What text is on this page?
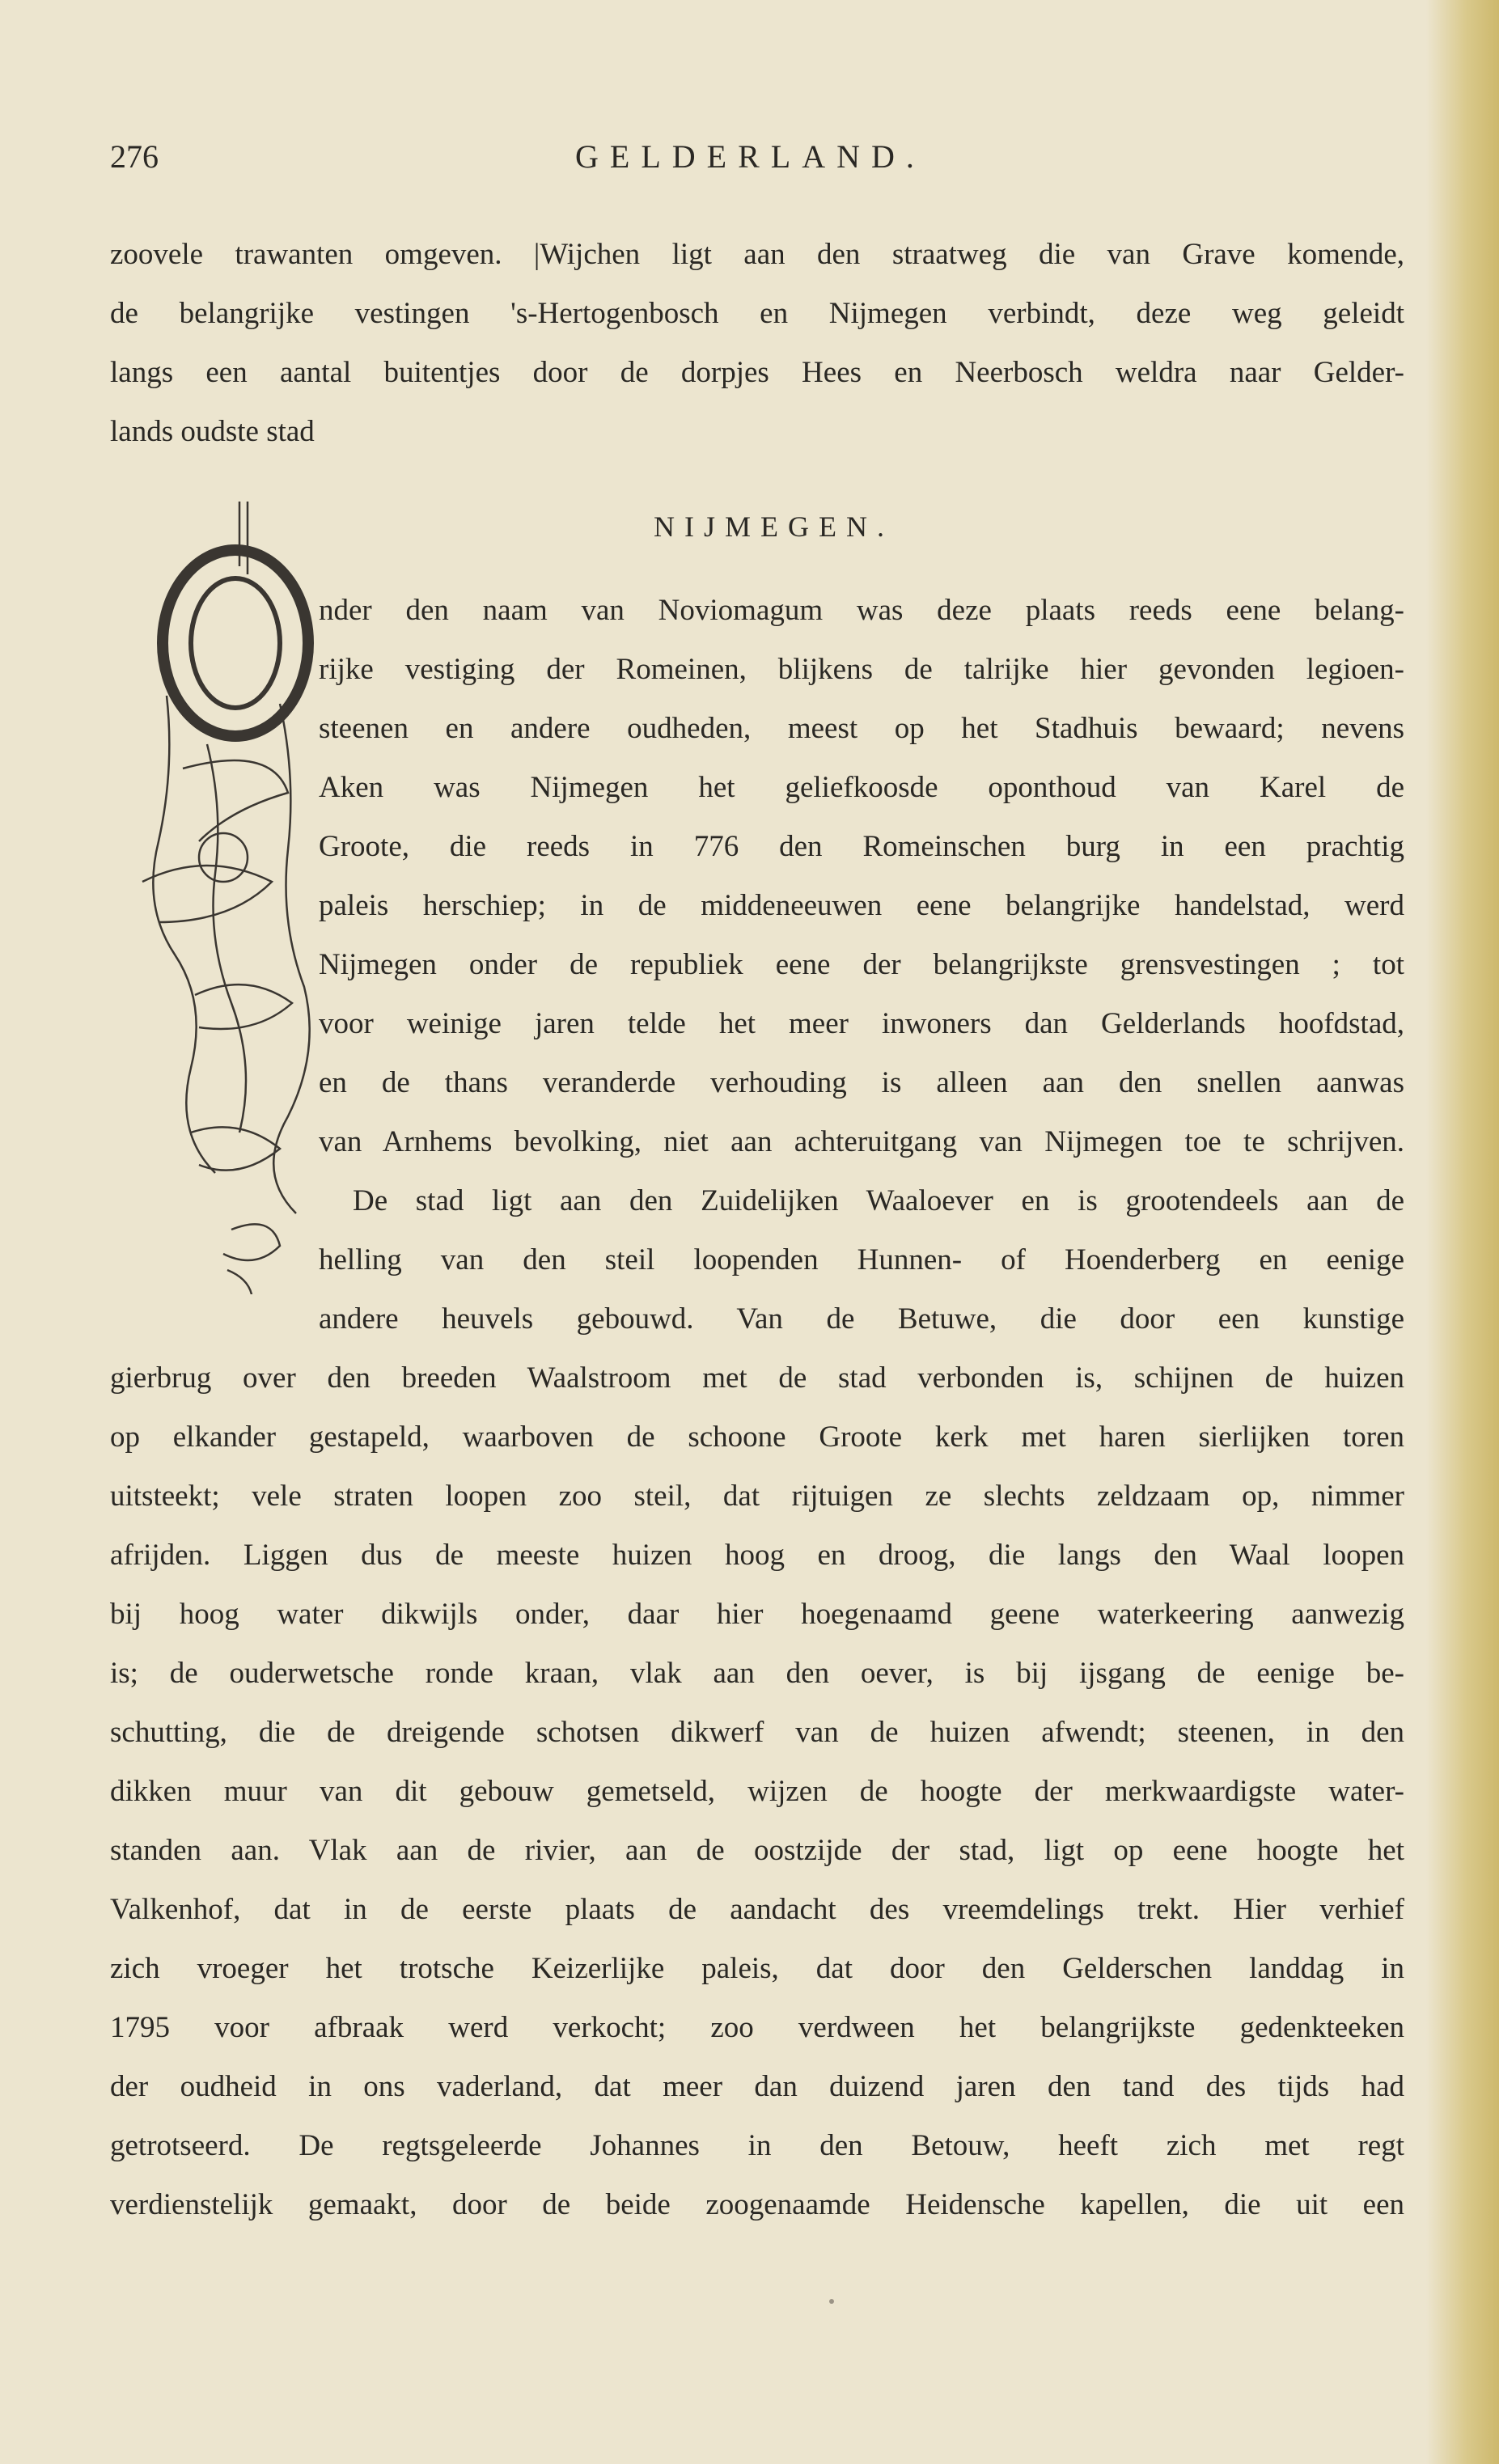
276	GELDERLAND.
zoovele trawanten omgeven. |Wijchen ligt aan den straatweg die van Grave komende,
de belangrijke vestingen 's-Hertogenbosch en Nijmegen verbindt, deze weg geleidt
langs een aantal buitentjes door de dorpjes Hees en Neerbosch weldra naar Gelder-
lands oudste stad
NIJMEGEN.
nder den naam van Noviomagum was deze plaats reeds eene belang-
rijke vestiging der Romeinen, blijkens de talrijke hier gevonden legioen-
steenen en andere oudheden, meest op het Stadhuis bewaard; nevens
Aken was Nijmegen het geliefkoosde oponthoud van Karel de
Groote, die reeds in 776 den Romeinschen burg in een prachtig
paleis herschiep; in de middeneeuwen eene belangrijke handelstad, werd
Nijmegen onder de republiek eene der belangrijkste grensvestingen ; tot
voor weinige jaren telde het meer inwoners dan Gelderlands hoofdstad,
en de thans veranderde verhouding is alleen aan den snellen aanwas
van Arnhems bevolking, niet aan achteruitgang van Nijmegen toe te schrijven.
De stad ligt aan den Zuidelijken Waaloever en is grootendeels aan de
helling van den steil loopenden Hunnen- of Hoenderberg en eenige
andere heuvels gebouwd. Van de Betuwe, die door een kunstige
gierbrug over den breeden Waalstroom met de stad verbonden is, schijnen de huizen
op elkander gestapeld, waarboven de schoone Groote kerk met haren sierlijken toren
uitsteekt; vele straten loopen zoo steil, dat rijtuigen ze slechts zeldzaam op, nimmer
afrijden. Liggen dus de meeste huizen hoog en droog, die langs den Waal loopen
bij hoog water dikwijls onder, daar hier hoegenaamd geene waterkeering aanwezig
is; de ouderwetsche ronde kraan, vlak aan den oever, is bij ijsgang de eenige be-
schutting, die de dreigende schotsen dikwerf van de huizen afwendt; steenen, in den
dikken muur van dit gebouw gemetseld, wijzen de hoogte der merkwaardigste water-
standen aan. Vlak aan de rivier, aan de oostzijde der stad, ligt op eene hoogte het
Valkenhof, dat in de eerste plaats de aandacht des vreemdelings trekt. Hier verhief
zich vroeger het trotsche Keizerlijke paleis, dat door den Gelderschen landdag in
1795 voor afbraak werd verkocht; zoo verdween het belangrijkste gedenkteeken
der oudheid in ons vaderland, dat meer dan duizend jaren den tand des tijds had
getrotseerd. De regtsgeleerde Johannes in den Betouw, heeft zich met regt
verdienstelijk gemaakt, door de beide zoogenaamde Heidensche kapellen, die uit een
